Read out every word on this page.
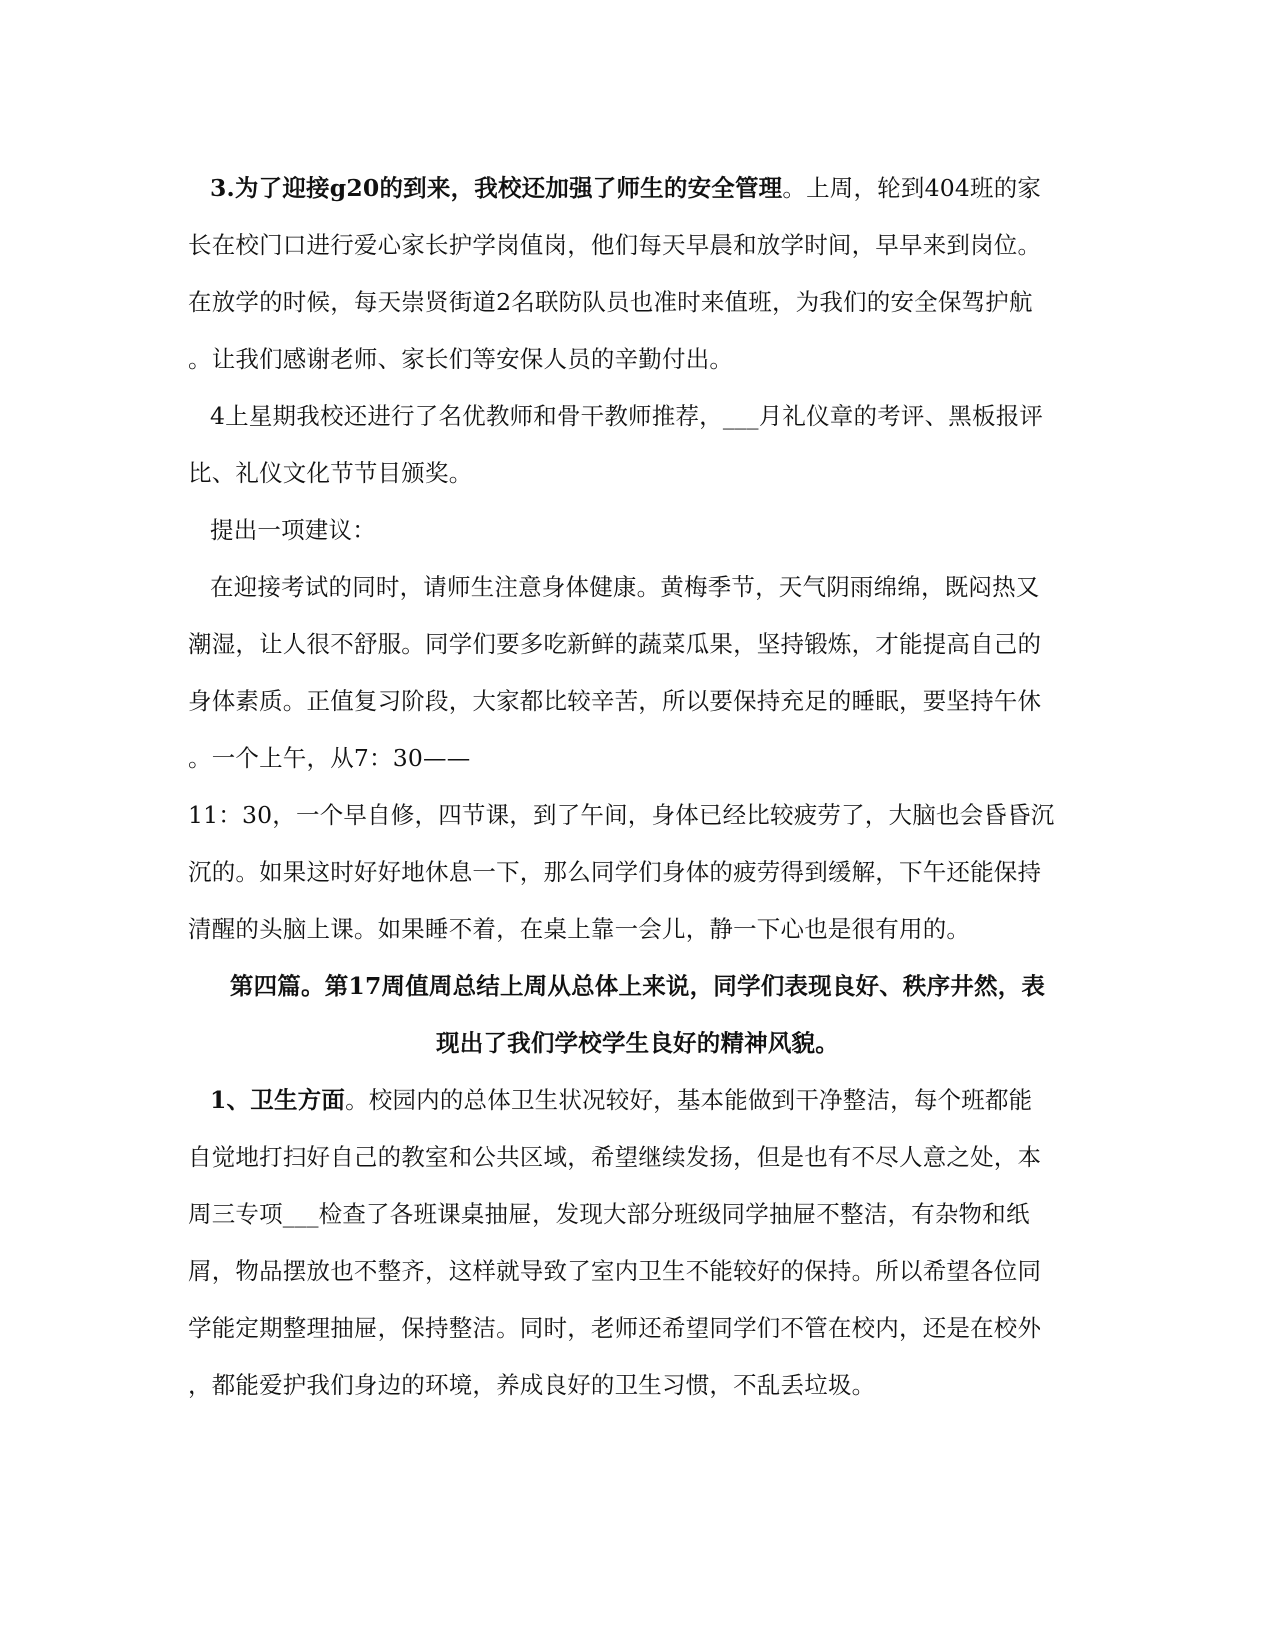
3.为了迎接g20的到来，我校还加强了师生的安全管理。上周，轮到404班的家
长在校门口进行爱心家长护学岗值岗，他们每天早晨和放学时间，早早来到岗位。
在放学的时候，每天崇贤街道2名联防队员也准时来值班，为我们的安全保驾护航
。让我们感谢老师、家长们等安保人员的辛勤付出。
4上星期我校还进行了名优教师和骨干教师推荐，___月礼仪章的考评、黑板报评
比、礼仪文化节节目颁奖。
提出一项建议：
在迎接考试的同时，请师生注意身体健康。黄梅季节，天气阴雨绵绵，既闷热又
潮湿，让人很不舒服。同学们要多吃新鲜的蔬菜瓜果，坚持锻炼，才能提高自己的
身体素质。正值复习阶段，大家都比较辛苦，所以要保持充足的睡眠，要坚持午休
。一个上午，从7：30——
11：30，一个早自修，四节课，到了午间，身体已经比较疲劳了，大脑也会昏昏沉
沉的。如果这时好好地休息一下，那么同学们身体的疲劳得到缓解，下午还能保持
清醒的头脑上课。如果睡不着，在桌上靠一会儿，静一下心也是很有用的。
第四篇。第17周值周总结上周从总体上来说，同学们表现良好、秩序井然，表
现出了我们学校学生良好的精神风貌。
1、卫生方面。校园内的总体卫生状况较好，基本能做到干净整洁，每个班都能
自觉地打扫好自己的教室和公共区域，希望继续发扬，但是也有不尽人意之处，本
周三专项___检查了各班课桌抽屉，发现大部分班级同学抽屉不整洁，有杂物和纸
屑，物品摆放也不整齐，这样就导致了室内卫生不能较好的保持。所以希望各位同
学能定期整理抽屉，保持整洁。同时，老师还希望同学们不管在校内，还是在校外
，都能爱护我们身边的环境，养成良好的卫生习惯，不乱丢垃圾。
